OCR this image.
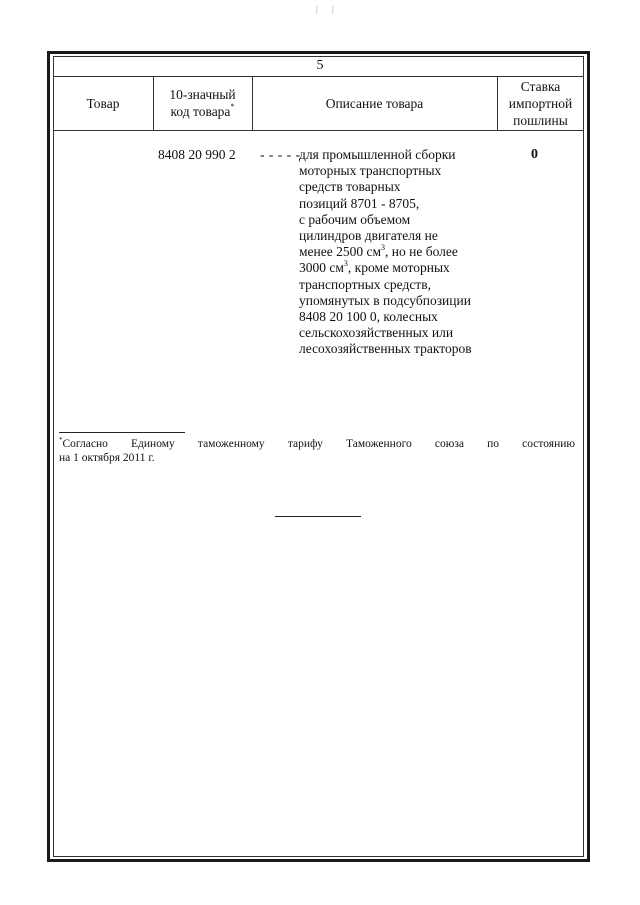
| |
5
Товар
10-значный
код товара*	Описание товара
Ставка
импортной
пошлины
8408 20 990 2 - - - - -
для промышленной сборки
моторных транспортных
средств товарных
позиций 8701 - 8705,
с рабочим объемом
цилиндров двигателя не
менее 2500 $см^3$, но не более
3000 $см^3$, кроме моторных
транспортных средств,
упомянутых в подсубпозиции
8408 20 100 0, колесных
сельскохозяйственных или
лесохозяйственных тракторов
0
*Согласно Единому таможенному тарифу Таможенного союза по состоянию
на 1 октября 2011 г.
